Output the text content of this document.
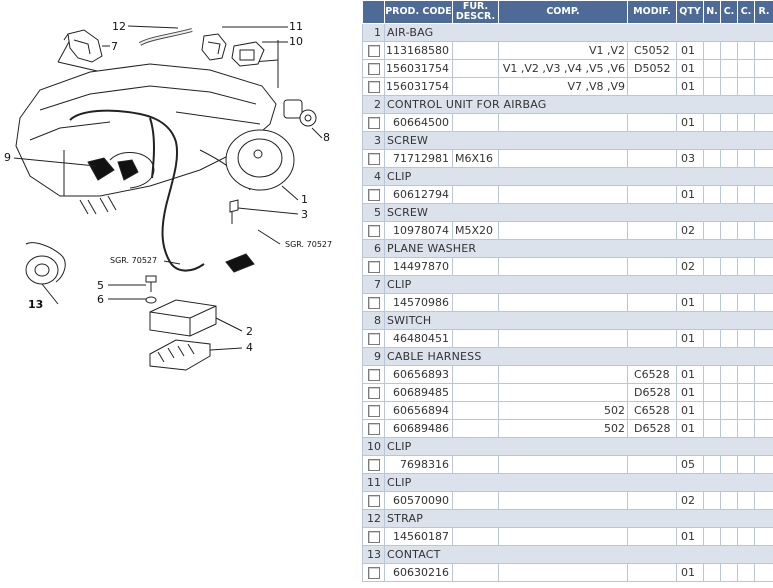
12	11
10
7
8
9
1
3
2
4
5
6
13
SGR. 70527
SGR. 70527
	PROD. CODE	FUR. DESCR.	COMP.	MODIF.	QTY	N.	C.	C.	R.
1	AIR-BAG								
	113168580		V1 ,V2	C5052	01				
	156031754		V1 ,V2 ,V3 ,V4 ,V5 ,V6	D5052	01				
	156031754		V7 ,V8 ,V9		01				
2	CONTROL UNIT FOR AIRBAG								
	60664500				01				
3	SCREW								
	71712981	M6X16			03				
4	CLIP								
	60612794				01				
5	SCREW								
	10978074	M5X20			02				
6	PLANE WASHER								
	14497870				02				
7	CLIP								
	14570986				01				
8	SWITCH								
	46480451				01				
9	CABLE HARNESS								
	60656893			C6528	01				
	60689485			D6528	01				
	60656894		502	C6528	01				
	60689486		502	D6528	01				
10	CLIP								
	7698316				05				
11	CLIP								
	60570090				02				
12	STRAP								
	14560187				01				
13	CONTACT								
	60630216				01				
